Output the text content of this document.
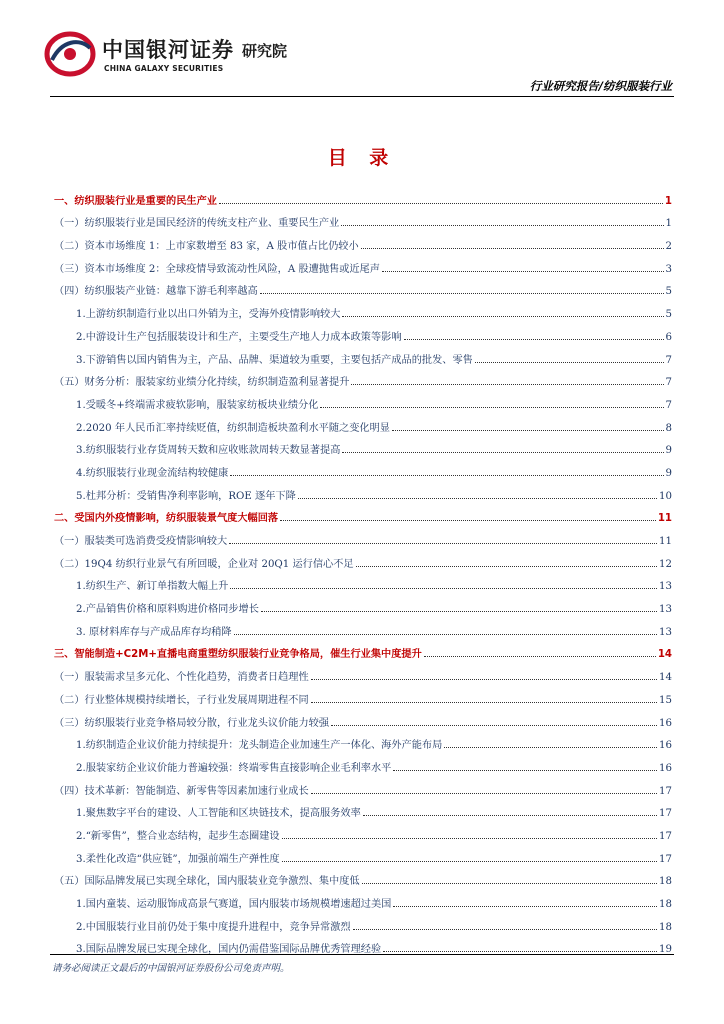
中国银河证券 研究院
CHINA GALAXY SECURITIES
行业研究报告/纺织服装行业
目 录
一、纺织服装行业是重要的民生产业	1
（一）纺织服装行业是国民经济的传统支柱产业、重要民生产业	1
（二）资本市场维度 1：上市家数增至 83 家，A 股市值占比仍较小	2
（三）资本市场维度 2：全球疫情导致流动性风险，A 股遭抛售或近尾声	3
（四）纺织服装产业链：越靠下游毛利率越高	5
1.上游纺织制造行业以出口外销为主，受海外疫情影响较大	5
2.中游设计生产包括服装设计和生产，主要受生产地人力成本政策等影响	6
3.下游销售以国内销售为主，产品、品牌、渠道较为重要，主要包括产成品的批发、零售	7
（五）财务分析：服装家纺业绩分化持续，纺织制造盈利显著提升	7
1.受暖冬+终端需求疲软影响，服装家纺板块业绩分化	7
2.2020 年人民币汇率持续贬值，纺织制造板块盈利水平随之变化明显	8
3.纺织服装行业存货周转天数和应收账款周转天数显著提高	9
4.纺织服装行业现金流结构较健康	9
5.杜邦分析：受销售净利率影响，ROE 逐年下降	10
二、受国内外疫情影响，纺织服装景气度大幅回落	11
（一）服装类可选消费受疫情影响较大	11
（二）19Q4 纺织行业景气有所回暖，企业对 20Q1 运行信心不足	12
1.纺织生产、新订单指数大幅上升	13
2.产品销售价格和原料购进价格同步增长	13
3. 原材料库存与产成品库存均稍降	13
三、智能制造+C2M+直播电商重塑纺织服装行业竞争格局，催生行业集中度提升	14
（一）服装需求呈多元化、个性化趋势，消费者日趋理性	14
（二）行业整体规模持续增长，子行业发展周期进程不同	15
（三）纺织服装行业竞争格局较分散，行业龙头议价能力较强	16
1.纺织制造企业议价能力持续提升：龙头制造企业加速生产一体化、海外产能布局	16
2.服装家纺企业议价能力普遍较强：终端零售直接影响企业毛利率水平	16
（四）技术革新：智能制造、新零售等因素加速行业成长	17
1.聚焦数字平台的建设、人工智能和区块链技术，提高服务效率	17
2.“新零售”，整合业态结构，起步生态圈建设	17
3.柔性化改造“供应链”，加强前端生产弹性度	17
（五）国际品牌发展已实现全球化，国内服装业竞争激烈、集中度低	18
1.国内童装、运动服饰成高景气赛道，国内服装市场规模增速超过美国	18
2.中国服装行业目前仍处于集中度提升进程中，竞争异常激烈	18
3.国际品牌发展已实现全球化，国内仍需借鉴国际品牌优秀管理经验	19
请务必阅读正文最后的中国银河证券股份公司免责声明。
